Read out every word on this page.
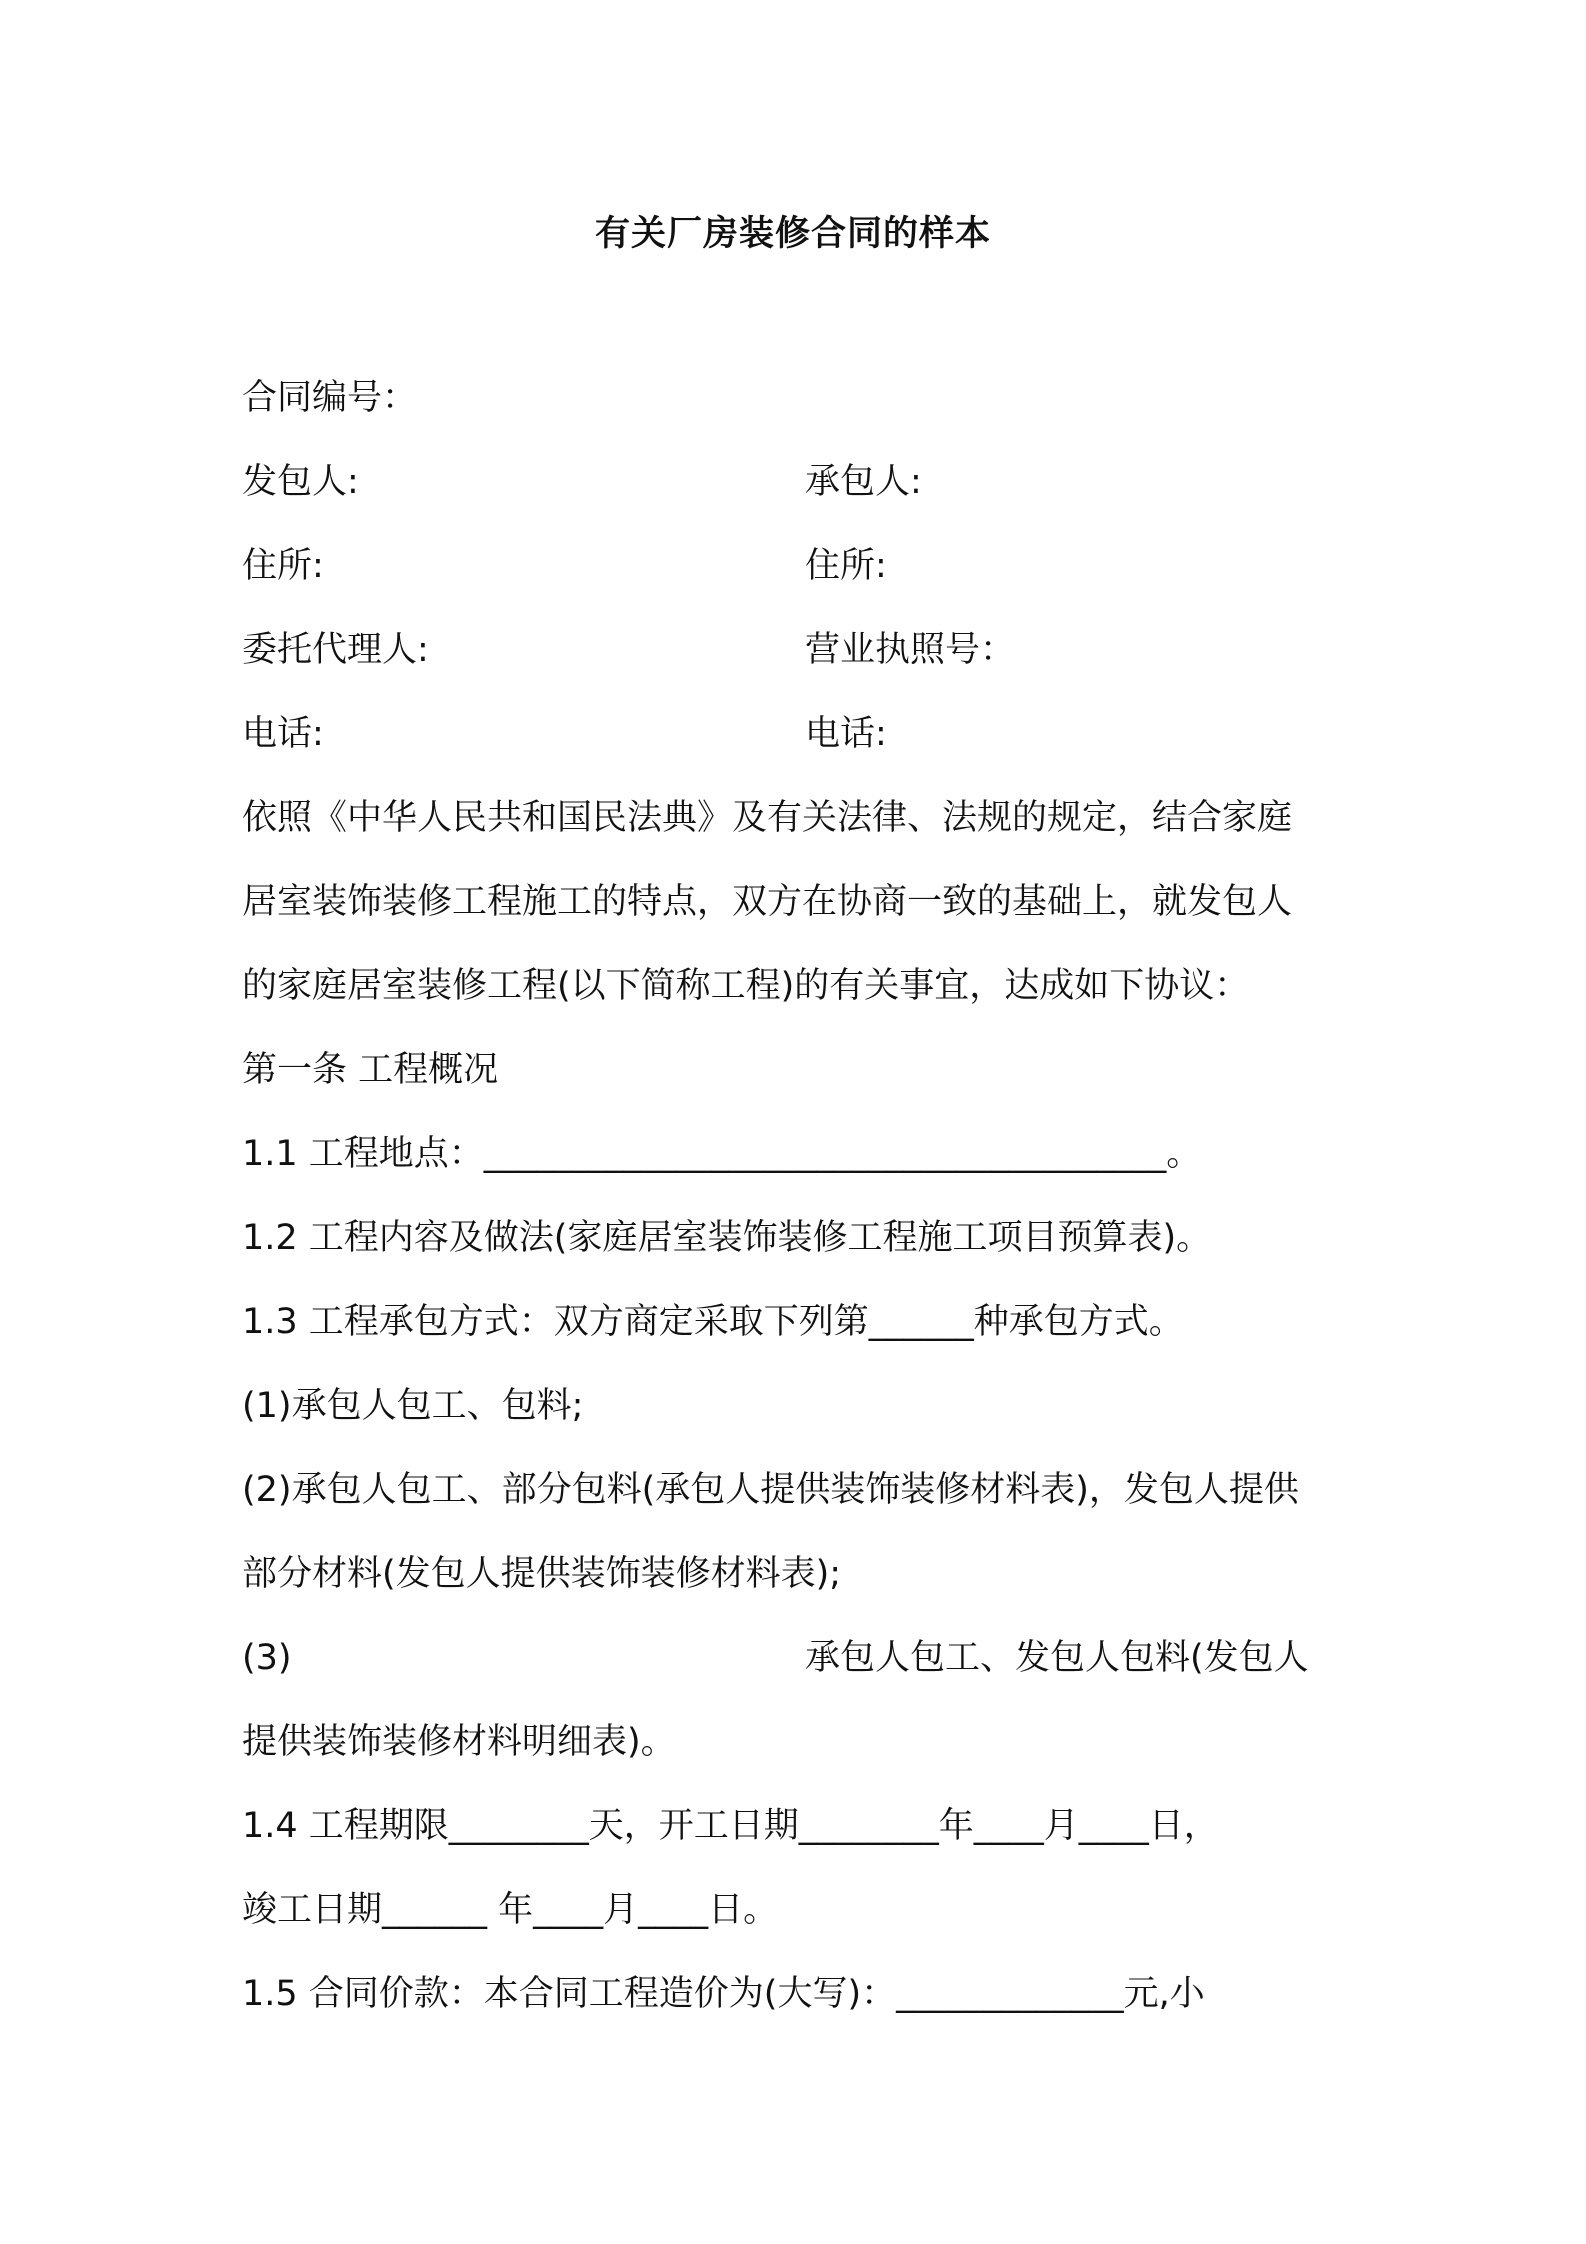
有关厂房装修合同的样本
合同编号：
发包人:	承包人:
住所:	住所:
委托代理人:	营业执照号：
电话:	电话:
依照《中华人民共和国民法典》及有关法律、法规的规定，结合家庭
居室装饰装修工程施工的特点，双方在协商一致的基础上，就发包人
的家庭居室装修工程(以下简称工程)的有关事宜，达成如下协议：
第一条 工程概况
1.1 工程地点：_______________________________________。
1.2 工程内容及做法(家庭居室装饰装修工程施工项目预算表)。
1.3 工程承包方式：双方商定采取下列第______种承包方式。
(1)承包人包工、包料;
(2)承包人包工、部分包料(承包人提供装饰装修材料表)，发包人提供
部分材料(发包人提供装饰装修材料表);
(3)	承包人包工、发包人包料(发包人
提供装饰装修材料明细表)。
1.4 工程期限________天，开工日期________年____月____日，
竣工日期______ 年____月____日。
1.5 合同价款：本合同工程造价为(大写)：_____________元,小
